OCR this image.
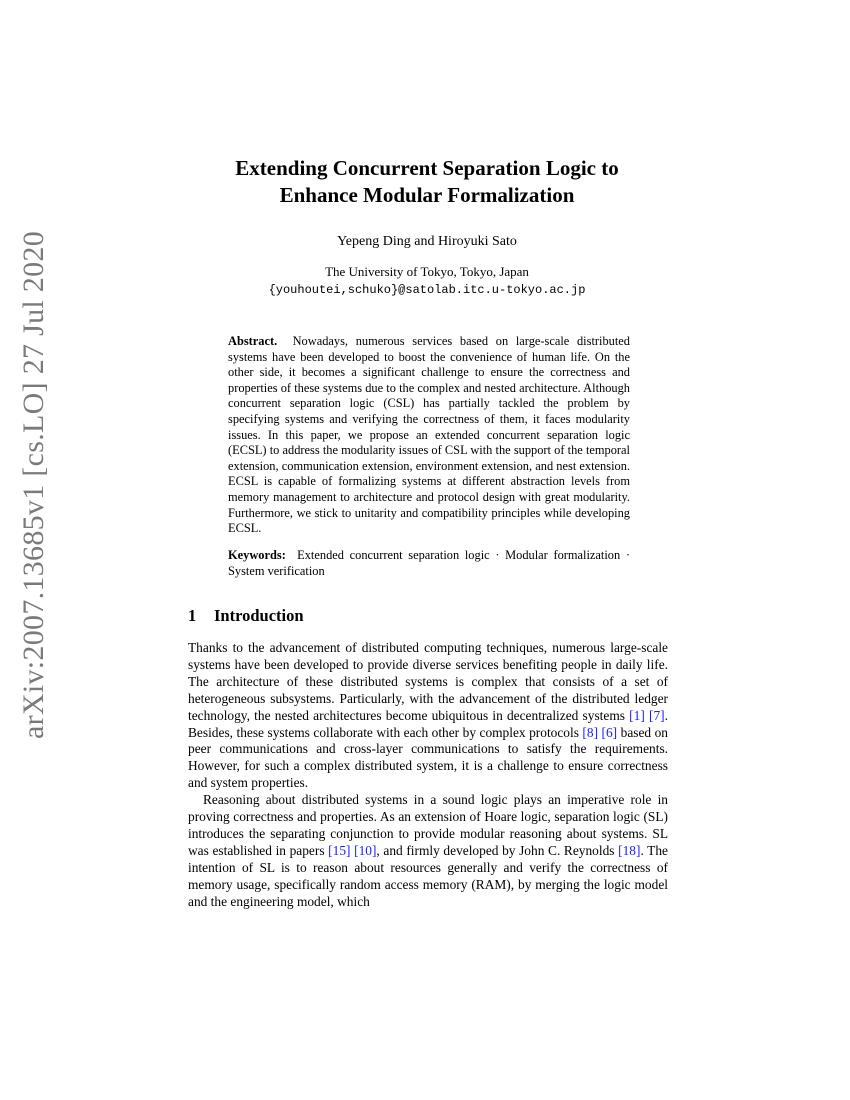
arXiv:2007.13685v1 [cs.LO] 27 Jul 2020
Extending Concurrent Separation Logic to
Enhance Modular Formalization
Yepeng Ding and Hiroyuki Sato
The University of Tokyo, Tokyo, Japan
{youhoutei,schuko}@satolab.itc.u-tokyo.ac.jp
Abstract. Nowadays, numerous services based on large-scale distributed systems have been developed to boost the convenience of human life. On the other side, it becomes a significant challenge to ensure the correctness and properties of these systems due to the complex and nested architecture. Although concurrent separation logic (CSL) has partially tackled the problem by specifying systems and verifying the correctness of them, it faces modularity issues. In this paper, we propose an extended concurrent separation logic (ECSL) to address the modularity issues of CSL with the support of the temporal extension, communication extension, environment extension, and nest extension. ECSL is capable of formalizing systems at different abstraction levels from memory management to architecture and protocol design with great modularity. Furthermore, we stick to unitarity and compatibility principles while developing ECSL.
Keywords: Extended concurrent separation logic · Modular formalization · System verification
1 Introduction

Thanks to the advancement of distributed computing techniques, numerous large-scale systems have been developed to provide diverse services benefiting people in daily life. The architecture of these distributed systems is complex that consists of a set of heterogeneous subsystems. Particularly, with the advancement of the distributed ledger technology, the nested architectures become ubiquitous in decentralized systems [1] [7]. Besides, these systems collaborate with each other by complex protocols [8] [6] based on peer communications and cross-layer communications to satisfy the requirements. However, for such a complex distributed system, it is a challenge to ensure correctness and system properties.

Reasoning about distributed systems in a sound logic plays an imperative role in proving correctness and properties. As an extension of Hoare logic, separation logic (SL) introduces the separating conjunction to provide modular reasoning about systems. SL was established in papers [15] [10], and firmly developed by John C. Reynolds [18]. The intention of SL is to reason about resources generally and verify the correctness of memory usage, specifically random access memory (RAM), by merging the logic model and the engineering model, which
